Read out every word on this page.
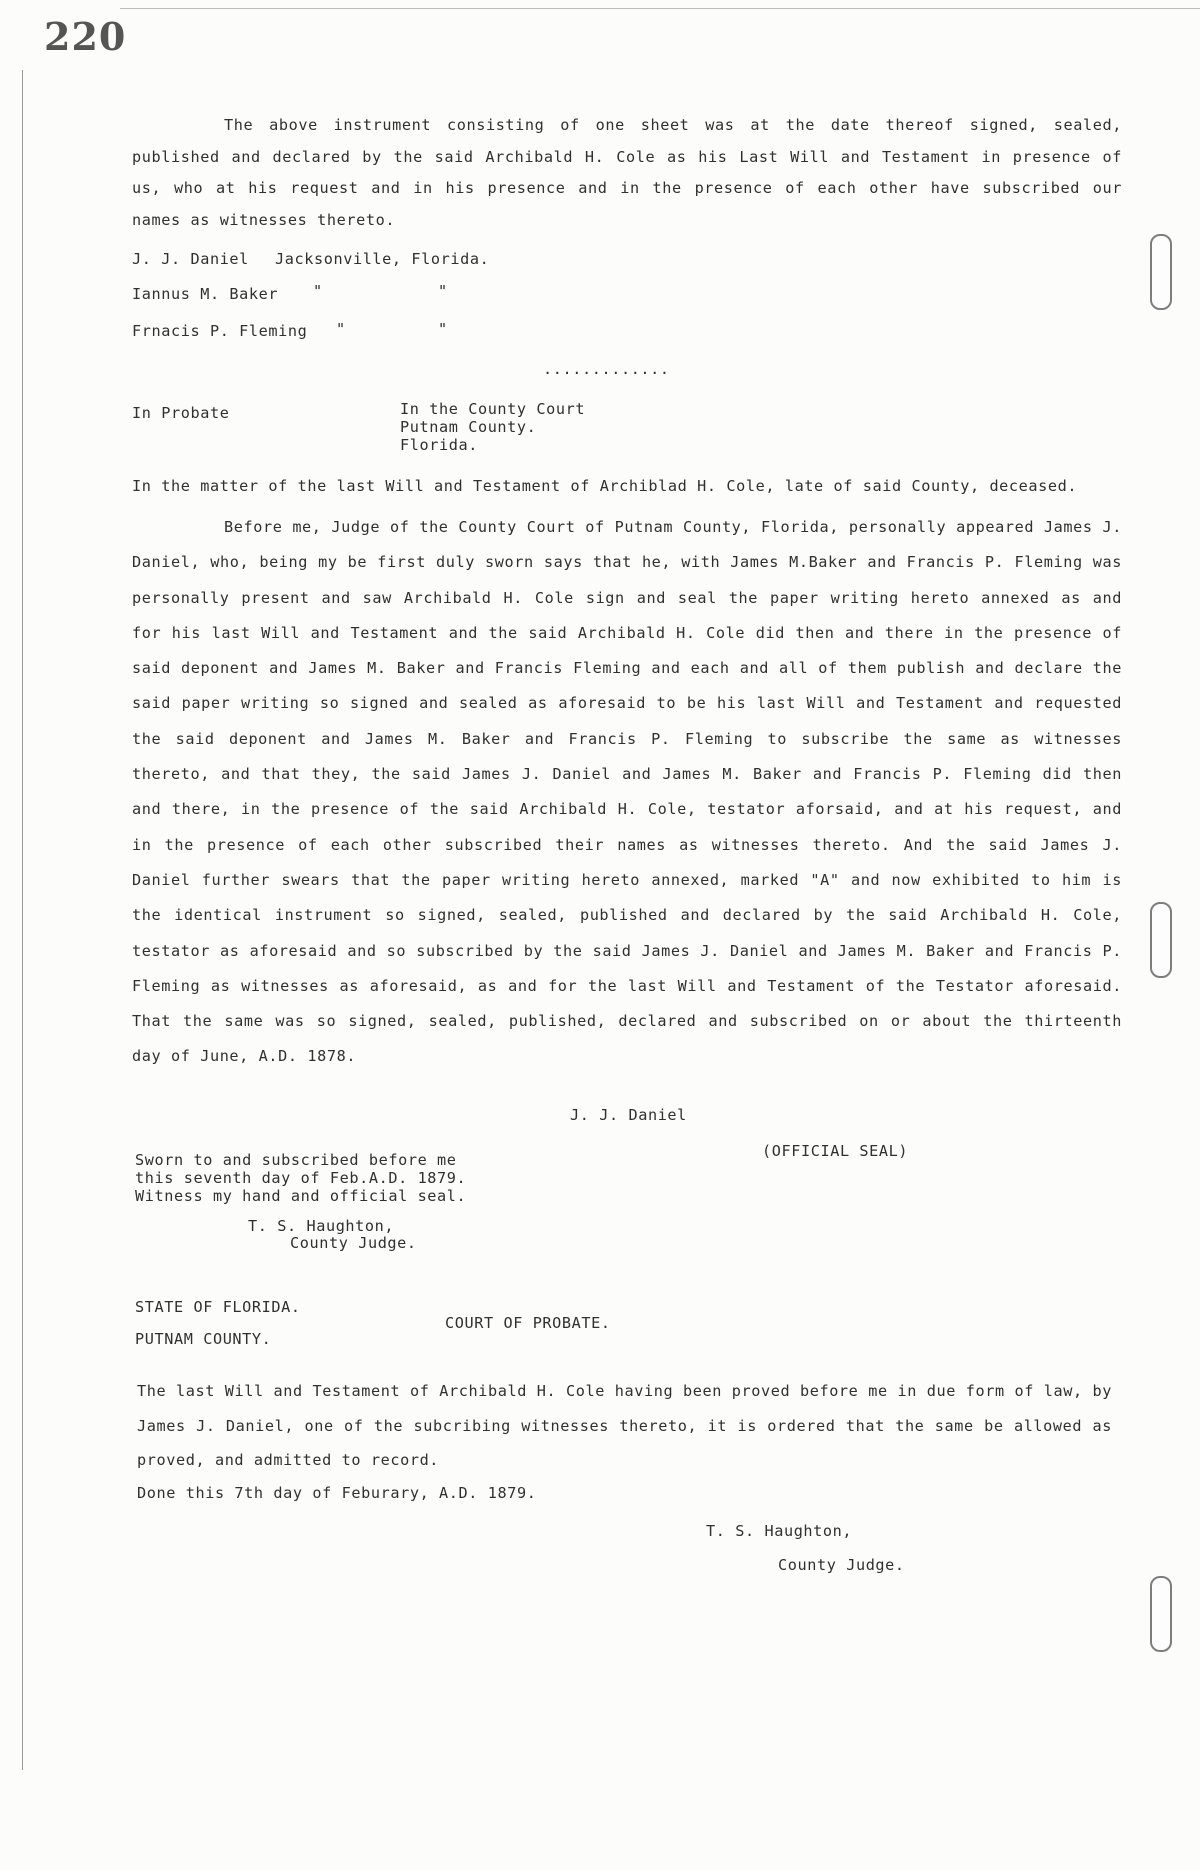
220
The above instrument consisting of one sheet was at the date thereof signed, sealed, published and declared by the said Archibald H. Cole as his Last Will and Testament in presence of us, who at his request and in his presence and in the presence of each other have subscribed our names as witnesses thereto.
J. J. Daniel Jacksonville, Florida.
Iannus M. Baker "	"
Frnacis P. Fleming "	"
.............
In Probate	In the County Court
Putnam County.
Florida.
In the matter of the last Will and Testament of Archiblad H. Cole, late of said County, deceased.
Before me, Judge of the County Court of Putnam County, Florida, personally appeared James J. Daniel, who, being my be first duly sworn says that he, with James M.Baker and Francis P. Fleming was personally present and saw Archibald H. Cole sign and seal the paper writing hereto annexed as and for his last Will and Testament and the said Archibald H. Cole did then and there in the presence of said deponent and James M. Baker and Francis Fleming and each and all of them publish and declare the said paper writing so signed and sealed as aforesaid to be his last Will and Testament and requested the said deponent and James M. Baker and Francis P. Fleming to subscribe the same as witnesses thereto, and that they, the said James J. Daniel and James M. Baker and Francis P. Fleming did then and there, in the presence of the said Archibald H. Cole, testator aforsaid, and at his request, and in the presence of each other subscribed their names as witnesses thereto. And the said James J. Daniel further swears that the paper writing hereto annexed, marked "A" and now exhibited to him is the identical instrument so signed, sealed, published and declared by the said Archibald H. Cole, testator as aforesaid and so subscribed by the said James J. Daniel and James M. Baker and Francis P. Fleming as witnesses as aforesaid, as and for the last Will and Testament of the Testator aforesaid. That the same was so signed, sealed, published, declared and subscribed on or about the thirteenth day of June, A.D. 1878.
J. J. Daniel
(OFFICIAL SEAL)
Sworn to and subscribed before me
this seventh day of Feb.A.D. 1879.
Witness my hand and official seal.
T. S. Haughton,
County Judge.
STATE OF FLORIDA.
PUTNAM COUNTY.
COURT OF PROBATE.
The last Will and Testament of Archibald H. Cole having been proved before me in due form of law, by James J. Daniel, one of the subcribing witnesses thereto, it is ordered that the same be allowed as proved, and admitted to record.
Done this 7th day of Feburary, A.D. 1879.
T. S. Haughton,
County Judge.
